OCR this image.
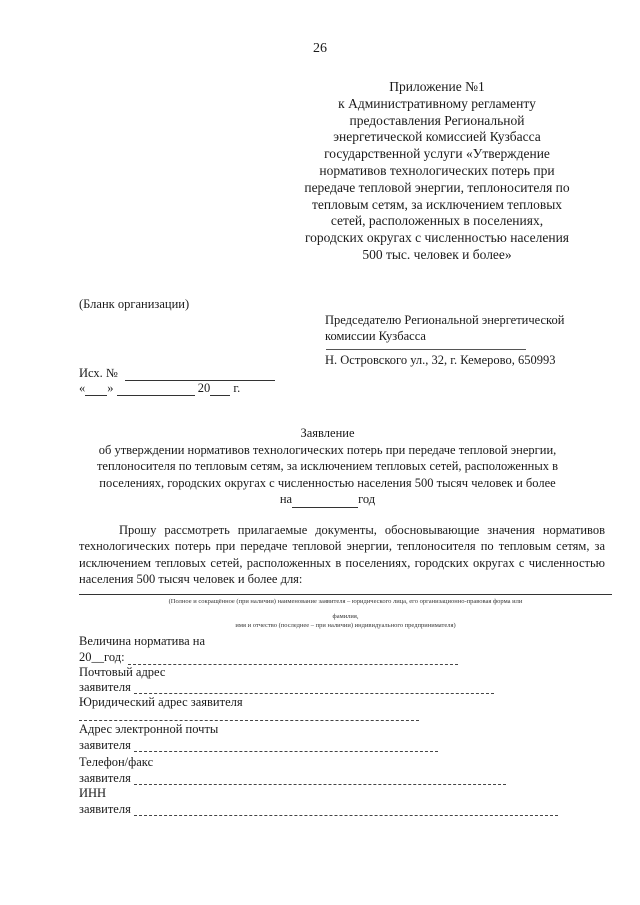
26
Приложение №1
к Административному регламенту
предоставления Региональной
энергетической комиссией Кузбасса
государственной услуги «Утверждение
нормативов технологических потерь при
передаче тепловой энергии, теплоносителя по
тепловым сетям, за исключением тепловых
сетей, расположенных в поселениях,
городских округах с численностью населения
500 тыс. человек и более»
(Бланк организации)
Председателю Региональной энергетической
комиссии Кузбасса
Н. Островского ул., 32, г. Кемерово, 650993
Исх. №
« »	20 г.
Заявление
об утверждении нормативов технологических потерь при передаче тепловой энергии,
теплоносителя по тепловым сетям, за исключением тепловых сетей, расположенных в
поселениях, городских округах с численностью населения 500 тысяч человек и более
на	год
Прошу рассмотреть прилагаемые документы, обосновывающие значения нормативов технологических потерь при передаче тепловой энергии, теплоносителя по тепловым сетям, за исключением тепловых сетей, расположенных в поселениях, городских округах с численностью населения 500 тысяч человек и более для:
(Полное и сокращённое (при наличии) наименование заявителя – юридического лица, его организационно-правовая форма или
фамилия,
имя и отчество (последнее – при наличии) индивидуального предпринимателя)
Величина норматива на
20__год:
Почтовый адрес
заявителя
Юридический адрес заявителя
Адрес электронной почты
заявителя
Телефон/факс
заявителя
ИНН
заявителя
